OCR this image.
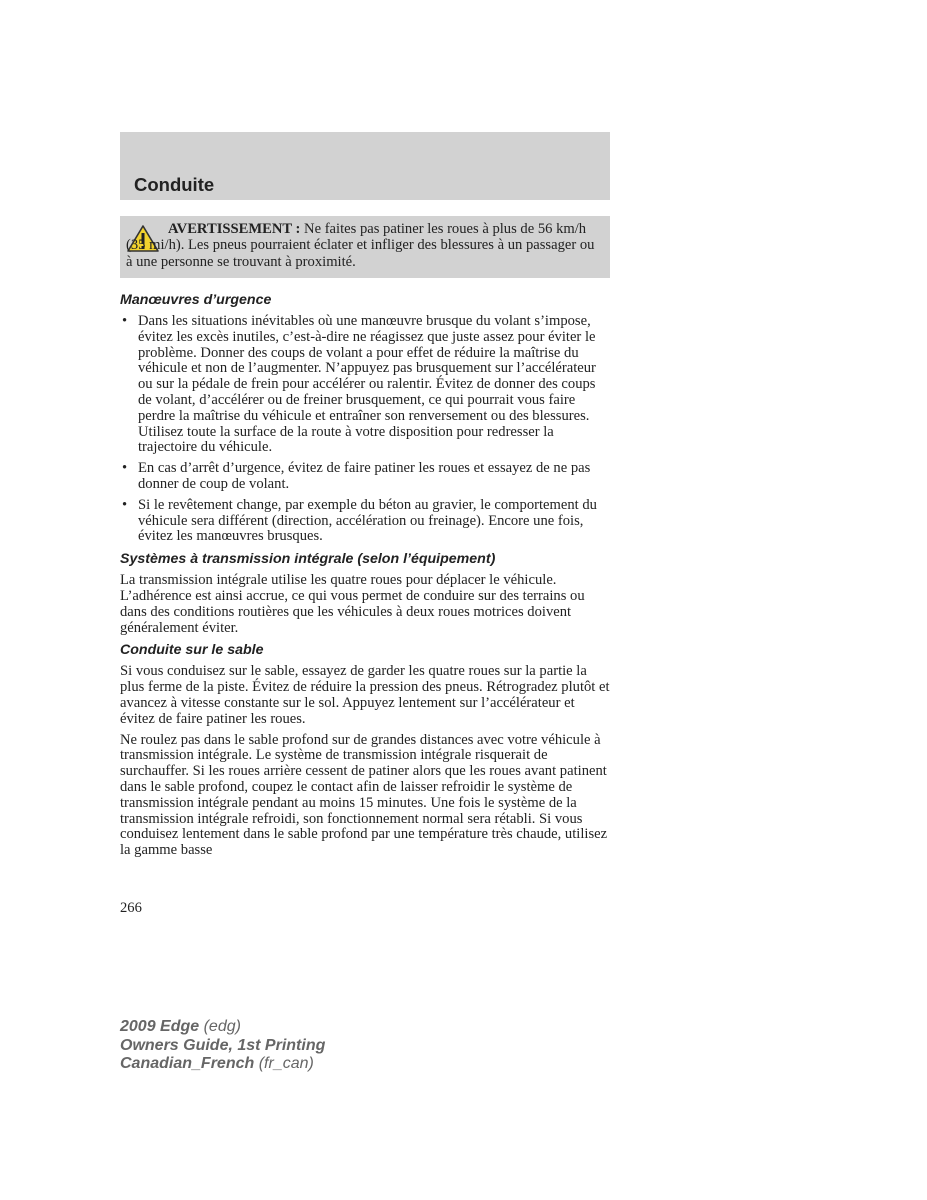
Conduite
AVERTISSEMENT : Ne faites pas patiner les roues à plus de 56 km/h (35 mi/h). Les pneus pourraient éclater et infliger des blessures à un passager ou à une personne se trouvant à proximité.
Manœuvres d’urgence
• Dans les situations inévitables où une manœuvre brusque du volant s’impose, évitez les excès inutiles, c’est-à-dire ne réagissez que juste assez pour éviter le problème. Donner des coups de volant a pour effet de réduire la maîtrise du véhicule et non de l’augmenter. N’appuyez pas brusquement sur l’accélérateur ou sur la pédale de frein pour accélérer ou ralentir. Évitez de donner des coups de volant, d’accélérer ou de freiner brusquement, ce qui pourrait vous faire perdre la maîtrise du véhicule et entraîner son renversement ou des blessures. Utilisez toute la surface de la route à votre disposition pour redresser la trajectoire du véhicule.
• En cas d’arrêt d’urgence, évitez de faire patiner les roues et essayez de ne pas donner de coup de volant.
• Si le revêtement change, par exemple du béton au gravier, le comportement du véhicule sera différent (direction, accélération ou freinage). Encore une fois, évitez les manœuvres brusques.
Systèmes à transmission intégrale (selon l’équipement)

La transmission intégrale utilise les quatre roues pour déplacer le véhicule. L’adhérence est ainsi accrue, ce qui vous permet de conduire sur des terrains ou dans des conditions routières que les véhicules à deux roues motrices doivent généralement éviter.

Conduite sur le sable

Si vous conduisez sur le sable, essayez de garder les quatre roues sur la partie la plus ferme de la piste. Évitez de réduire la pression des pneus. Rétrogradez plutôt et avancez à vitesse constante sur le sol. Appuyez lentement sur l’accélérateur et évitez de faire patiner les roues.

Ne roulez pas dans le sable profond sur de grandes distances avec votre véhicule à transmission intégrale. Le système de transmission intégrale risquerait de surchauffer. Si les roues arrière cessent de patiner alors que les roues avant patinent dans le sable profond, coupez le contact afin de laisser refroidir le système de transmission intégrale pendant au moins 15 minutes. Une fois le système de la transmission intégrale refroidi, son fonctionnement normal sera rétabli. Si vous conduisez lentement dans le sable profond par une température très chaude, utilisez la gamme basse

266
2009 Edge (edg)
Owners Guide, 1st Printing
Canadian_French (fr_can)
